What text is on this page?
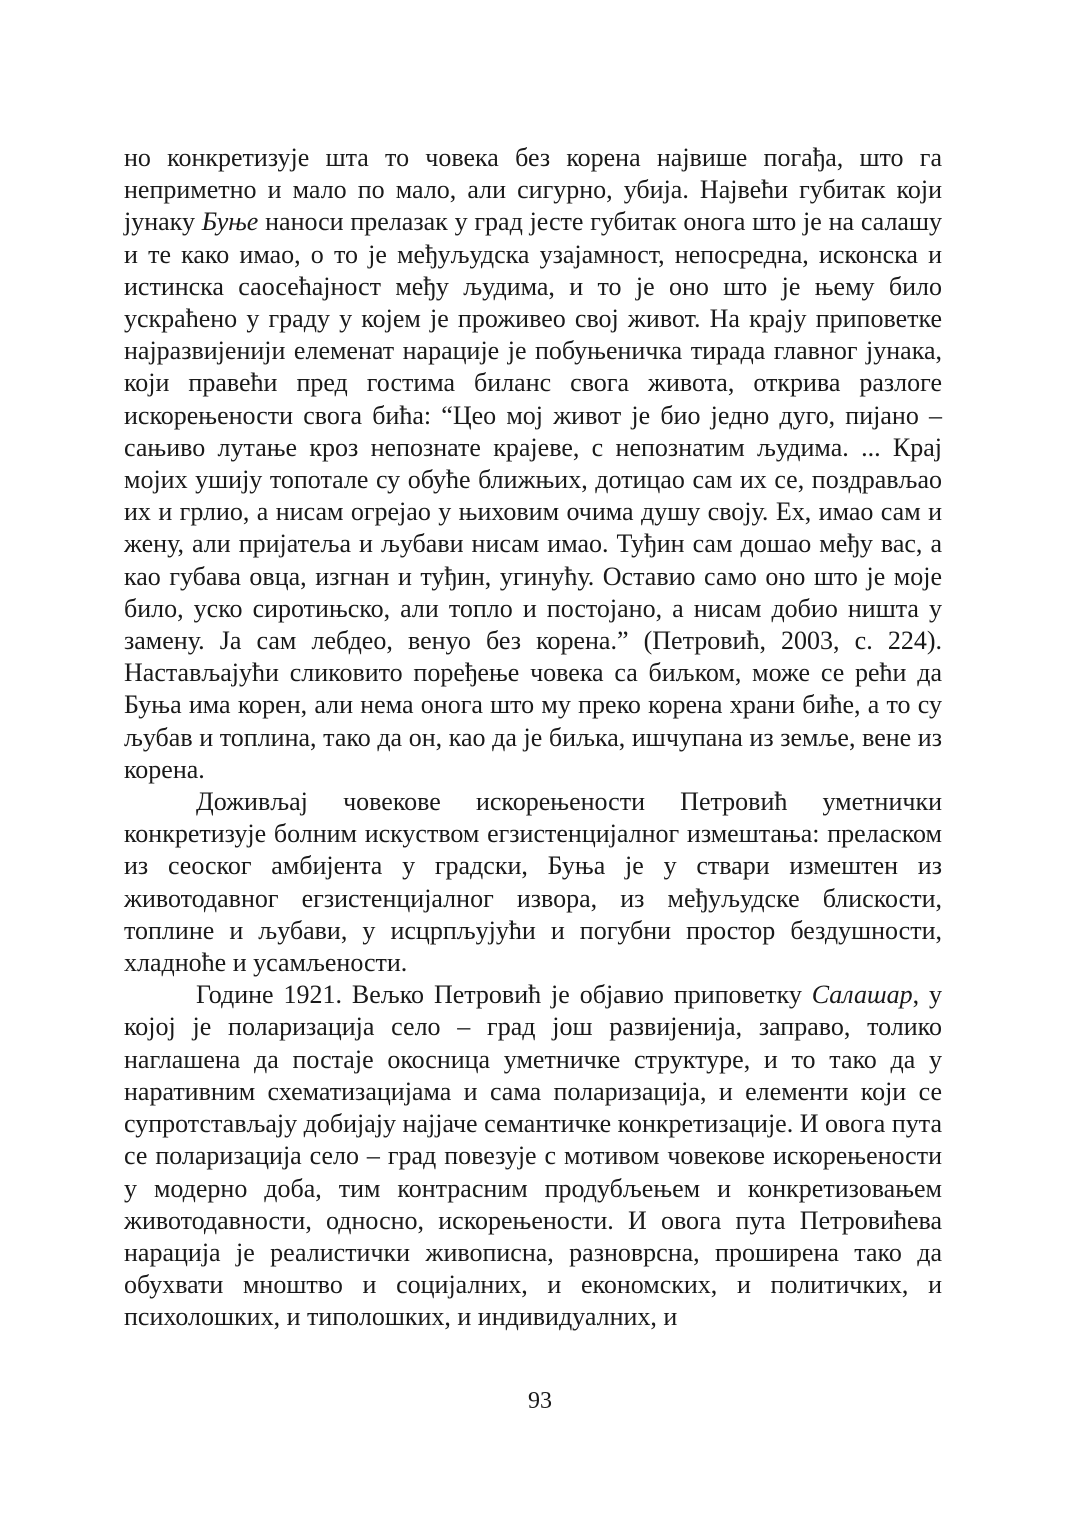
но конкретизује шта то човека без корена највише погађа, што га неприметно и мало по мало, али сигурно, убија. Највећи губитак који јунаку Буње наноси прелазак у град јесте губитак онога што је на салашу и те како имао, о то је међуљудска узајамност, непосредна, исконска и истинска саосећајност међу људима, и то је оно што је њему било ускраћено у граду у којем је проживео свој живот. На крају приповетке најразвијенији елеменат нарације је побуњеничка тирада главног јунака, који правећи пред гостима биланс свога живота, открива разлоге искорењености свога бића: “Цео мој живот је био једно дуго, пијано – сањиво лутање кроз непознате крајеве, с непознатим људима. ... Крај мојих ушију топотале су обуће ближњих, дотицао сам их се, поздрављао их и грлио, а нисам огрејао у њиховим очима душу своју. Ех, имао сам и жену, али пријатеља и љубави нисам имао. Туђин сам дошао међу вас, а као губава овца, изгнан и туђин, угинућу. Оставио само оно што је моје било, уско сиротињско, али топло и постојано, а нисам добио ништа у замену. Ја сам лебдео, венуо без корена.” (Петровић, 2003, с. 224). Настављајући сликовито поређење човека са биљком, може се рећи да Буња има корен, али нема онога што му преко корена храни биће, а то су љубав и топлина, тако да он, као да је биљка, ишчупана из земље, вене из корена.

Доживљај човекове искорењености Петровић уметнички конкретизује болним искуством егзистенцијалног измештања: преласком из сеоског амбијента у градски, Буња је у ствари измештен из животодавног егзистенцијалног извора, из међуљудске блискости, топлине и љубави, у исцрпљујући и погубни простор бездушности, хладноће и усамљености.

Године 1921. Вељко Петровић је објавио приповетку Салашар, у којој је поларизација село – град још развијенија, заправо, толико наглашена да постаје окосница уметничке структуре, и то тако да у наративним схематизацијама и сама поларизација, и елементи који се супротстављају добијају најјаче семантичке конкретизације. И овога пута се поларизација село – град повезује с мотивом човекове искорењености у модерно доба, тим контрасним продубљењем и конкретизовањем животодавности, односно, искорењености. И овога пута Петровићева нарација је реалистички живописна, разноврсна, проширена тако да обухвати мноштво и социјалних, и економских, и политичких, и психолошких, и типолошких, и индивидуалних, и

93
